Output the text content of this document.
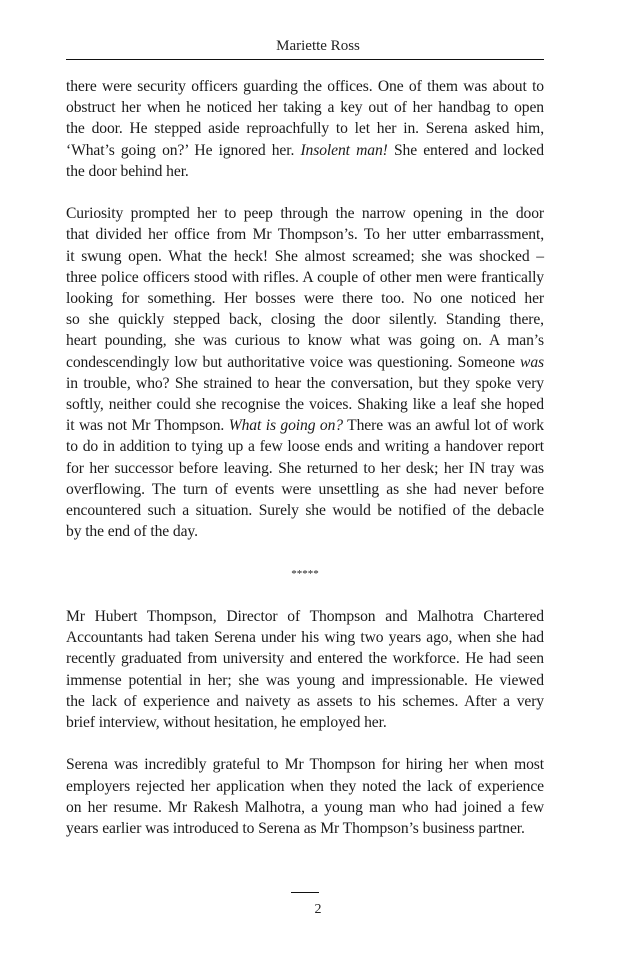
Mariette Ross

there were security officers guarding the offices. One of them was about to
obstruct her when he noticed her taking a key out of her handbag to open
the door. He stepped aside reproachfully to let her in. Serena asked him,
‘What’s going on?’ He ignored her. Insolent man! She entered and locked
the door behind her.

Curiosity prompted her to peep through the narrow opening in the door
that divided her office from Mr Thompson’s. To her utter embarrassment,
it swung open. What the heck! She almost screamed; she was shocked –
three police officers stood with rifles. A couple of other men were frantically
looking for something. Her bosses were there too. No one noticed her
so she quickly stepped back, closing the door silently. Standing there,
heart pounding, she was curious to know what was going on. A man’s
condescendingly low but authoritative voice was questioning. Someone was
in trouble, who? She strained to hear the conversation, but they spoke very
softly, neither could she recognise the voices. Shaking like a leaf she hoped
it was not Mr Thompson. What is going on? There was an awful lot of work
to do in addition to tying up a few loose ends and writing a handover report
for her successor before leaving. She returned to her desk; her IN tray was
overflowing. The turn of events were unsettling as she had never before
encountered such a situation. Surely she would be notified of the debacle
by the end of the day.

*****

Mr Hubert Thompson, Director of Thompson and Malhotra Chartered
Accountants had taken Serena under his wing two years ago, when she had
recently graduated from university and entered the workforce. He had seen
immense potential in her; she was young and impressionable. He viewed
the lack of experience and naivety as assets to his schemes. After a very
brief interview, without hesitation, he employed her.

Serena was incredibly grateful to Mr Thompson for hiring her when most
employers rejected her application when they noted the lack of experience
on her resume. Mr Rakesh Malhotra, a young man who had joined a few
years earlier was introduced to Serena as Mr Thompson’s business partner.

2
